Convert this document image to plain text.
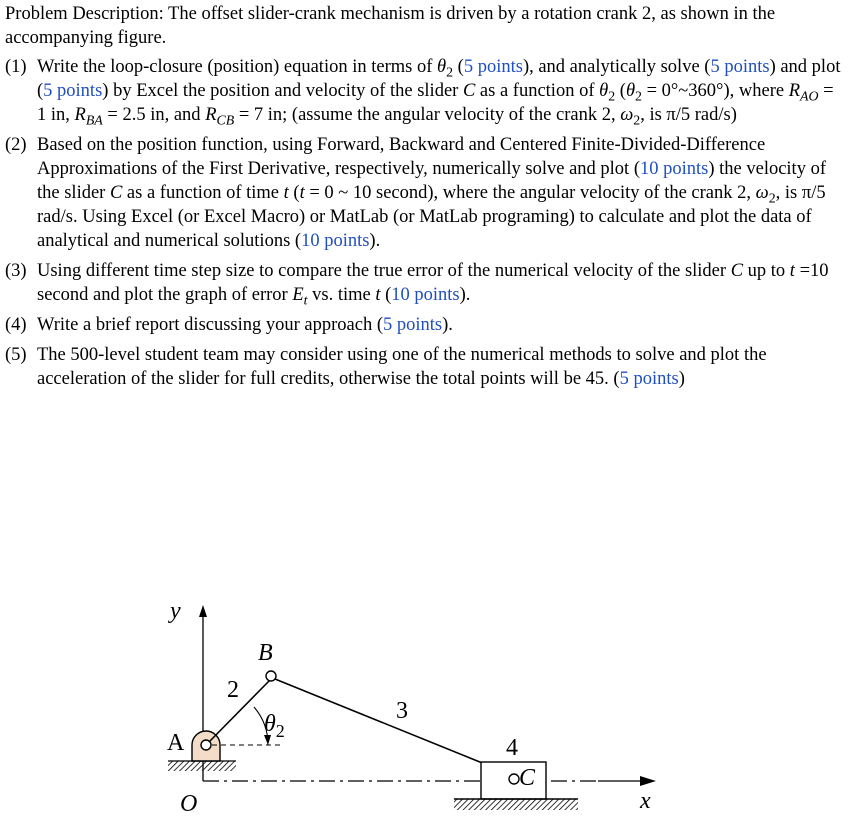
Problem Description: The offset slider-crank mechanism is driven by a rotation crank 2, as shown in the accompanying figure.

(1) Write the loop-closure (position) equation in terms of $\theta_2$ (5 points), and analytically solve (5 points) and plot (5 points) by Excel the position and velocity of the slider C as a function of $\theta_2$ ($\theta_2$ = 0°~360°), where $R_{AO} = 1$ in, $R_{BA} = 2.5$ in, and $R_{CB} = 7$ in; (assume the angular velocity of the crank 2, $\omega_2$, is π/5 rad/s)
(2) Based on the position function, using Forward, Backward and Centered Finite-Divided-Difference Approximations of the First Derivative, respectively, numerically solve and plot (10 points) the velocity of the slider C as a function of time t (t = 0 ~ 10 second), where the angular velocity of the crank 2, $\omega_2$, is π/5 rad/s. Using Excel (or Excel Macro) or MatLab (or MatLab programing) to calculate and plot the data of analytical and numerical solutions (10 points).
(3) Using different time step size to compare the true error of the numerical velocity of the slider C up to t =10 second and plot the graph of error $E_t$ vs. time t (10 points).
(4) Write a brief report discussing your approach (5 points).
(5) The 500-level student team may consider using one of the numerical methods to solve and plot the acceleration of the slider for full credits, otherwise the total points will be 45. (5 points)
y
x
B
A
C
O
2
3
4
$\theta_2$
